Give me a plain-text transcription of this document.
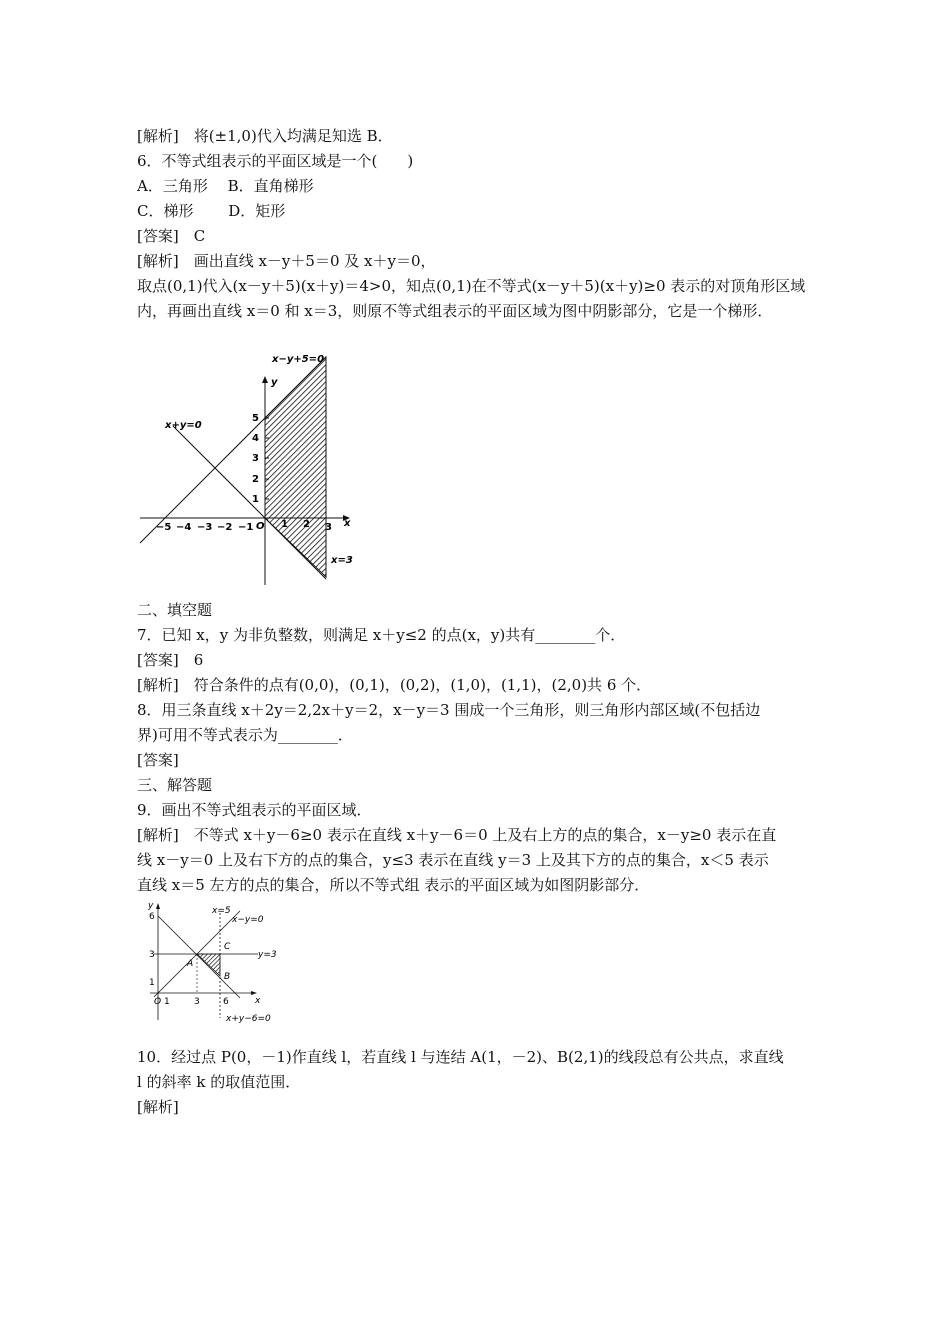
[解析]　将(±1,0)代入均满足知选 B．
6．不等式组表示的平面区域是一个(　　)
A．三角形　 B．直角梯形
C．梯形　　 D．矩形
[答案]　C
[解析]　画出直线 x－y＋5＝0 及 x＋y＝0，
取点(0,1)代入(x－y＋5)(x＋y)＝4>0，知点(0,1)在不等式(x－y＋5)(x＋y)≥0 表示的对顶角形区域
内，再画出直线 x＝0 和 x＝3，则原不等式组表示的平面区域为图中阴影部分，它是一个梯形．
x−y+5=0
x+y=0
x=3
y
x
O
−5 −4 −3 −2 −1	1 2 3
1
2
3
4
5
二、填空题
7．已知 x，y 为非负整数，则满足 x＋y≤2 的点(x，y)共有________个．
[答案]　6
[解析]　符合条件的点有(0,0)，(0,1)，(0,2)，(1,0)，(1,1)，(2,0)共 6 个．
8．用三条直线 x＋2y＝2,2x＋y＝2，x－y＝3 围成一个三角形，则三角形内部区域(不包括边
界)可用不等式表示为________．
[答案]
三、解答题
9．画出不等式组表示的平面区域．
[解析]　不等式 x＋y－6≥0 表示在直线 x＋y－6＝0 上及右上方的点的集合，x－y≥0 表示在直
线 x－y＝0 上及右下方的点的集合，y≤3 表示在直线 y＝3 上及其下方的点的集合，x＜5 表示
直线 x＝5 左方的点的集合，所以不等式组 表示的平面区域为如图阴影部分．
x=5
x−y=0
y=3
x+y−6=0
A
B
C
x
y
O 1	3	6
1
3
6
10．经过点 P(0，－1)作直线 l，若直线 l 与连结 A(1，－2)、B(2,1)的线段总有公共点，求直线
l 的斜率 k 的取值范围．
[解析]
